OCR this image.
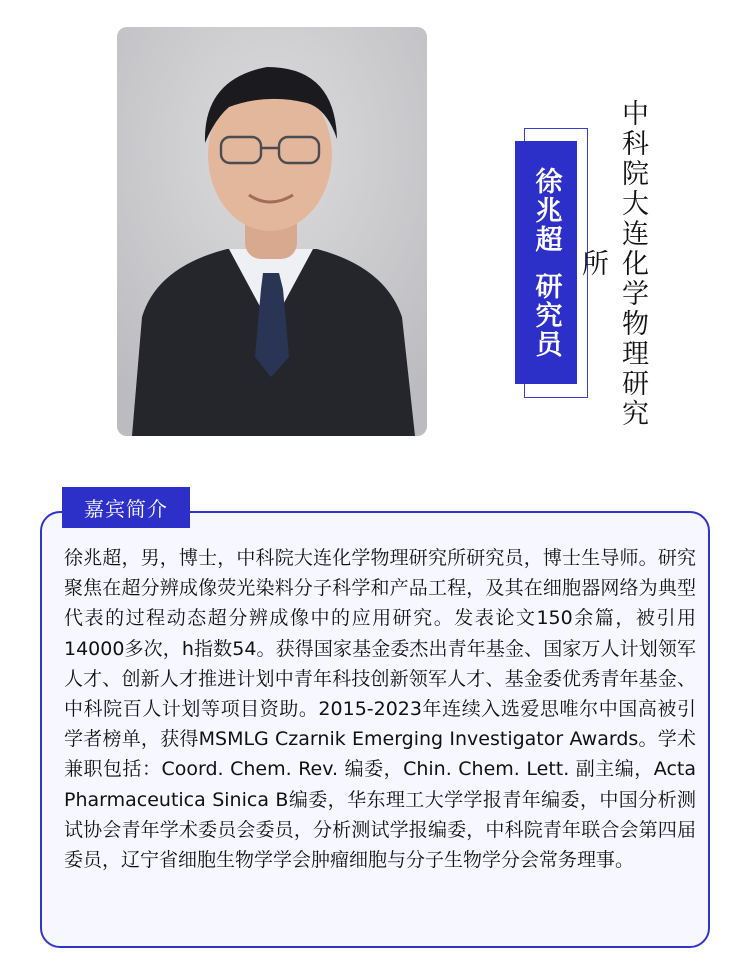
徐兆超研究员 中科院大连化学物理研究所
嘉宾简介

徐兆超，男，博士，中科院大连化学物理研究所研究员，博士生导师。研究聚焦在超分辨成像荧光染料分子科学和产品工程，及其在细胞器网络为典型代表的过程动态超分辨成像中的应用研究。发表论文150余篇，被引用14000多次，h指数54。获得国家基金委杰出青年基金、国家万人计划领军人才、创新人才推进计划中青年科技创新领军人才、基金委优秀青年基金、中科院百人计划等项目资助。2015-2023年连续入选爱思唯尔中国高被引学者榜单，获得MSMLG Czarnik Emerging Investigator Awards。学术兼职包括：Coord. Chem. Rev. 编委，Chin. Chem. Lett. 副主编，Acta Pharmaceutica Sinica B编委，华东理工大学学报青年编委，中国分析测试协会青年学术委员会委员，分析测试学报编委，中科院青年联合会第四届委员，辽宁省细胞生物学学会肿瘤细胞与分子生物学分会常务理事。
